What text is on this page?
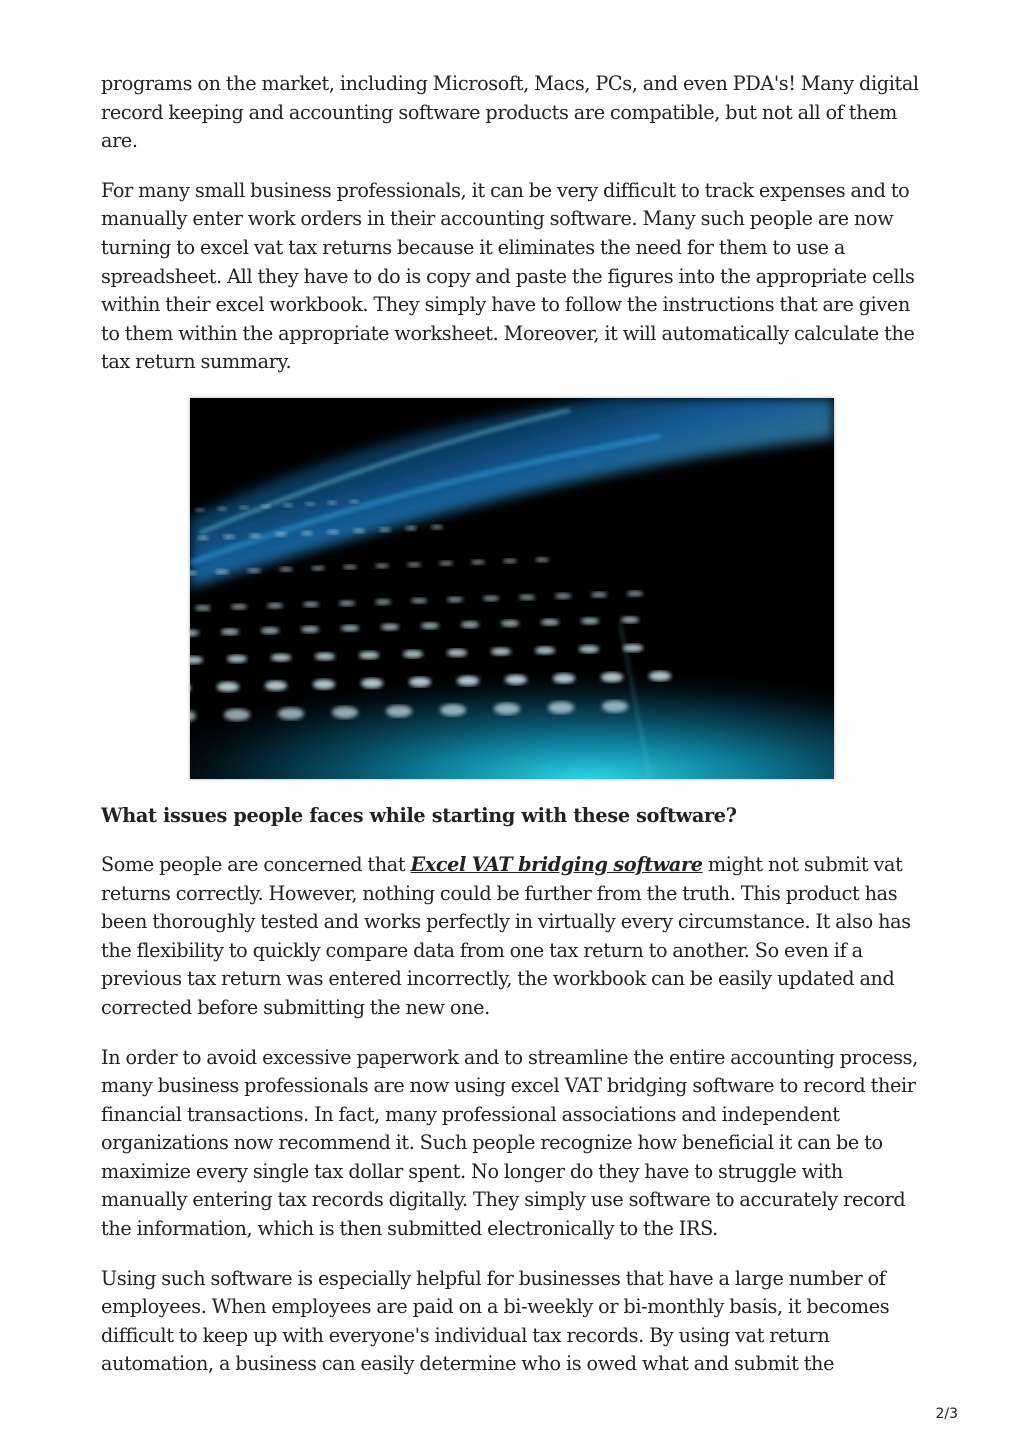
programs on the market, including Microsoft, Macs, PCs, and even PDA's! Many digital record keeping and accounting software products are compatible, but not all of them are.

For many small business professionals, it can be very difficult to track expenses and to manually enter work orders in their accounting software. Many such people are now turning to excel vat tax returns because it eliminates the need for them to use a spreadsheet. All they have to do is copy and paste the figures into the appropriate cells within their excel workbook. They simply have to follow the instructions that are given to them within the appropriate worksheet. Moreover, it will automatically calculate the tax return summary.

What issues people faces while starting with these software?

Some people are concerned that Excel VAT bridging software might not submit vat returns correctly. However, nothing could be further from the truth. This product has been thoroughly tested and works perfectly in virtually every circumstance. It also has the flexibility to quickly compare data from one tax return to another. So even if a previous tax return was entered incorrectly, the workbook can be easily updated and corrected before submitting the new one.

In order to avoid excessive paperwork and to streamline the entire accounting process, many business professionals are now using excel VAT bridging software to record their financial transactions. In fact, many professional associations and independent organizations now recommend it. Such people recognize how beneficial it can be to maximize every single tax dollar spent. No longer do they have to struggle with manually entering tax records digitally. They simply use software to accurately record the information, which is then submitted electronically to the IRS.

Using such software is especially helpful for businesses that have a large number of employees. When employees are paid on a bi-weekly or bi-monthly basis, it becomes difficult to keep up with everyone's individual tax records. By using vat return automation, a business can easily determine who is owed what and submit the

2/3
